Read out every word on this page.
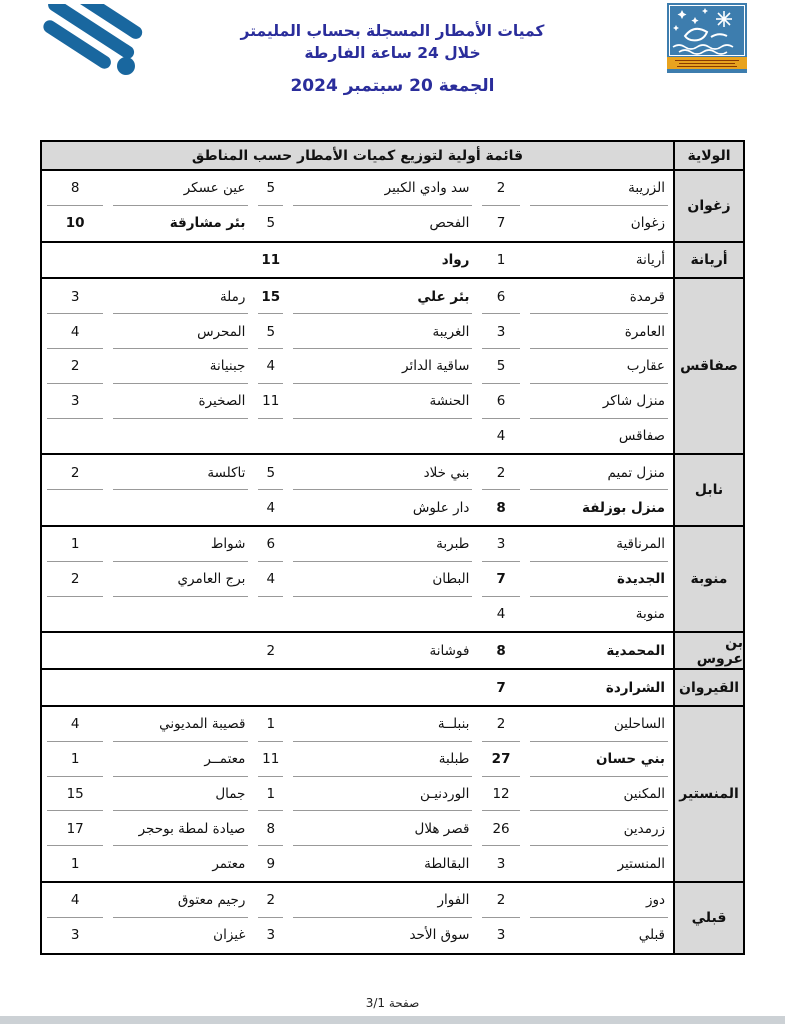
كميات الأمطار المسجلة بحساب المليمتر
خلال 24 ساعة الفارطة
الجمعة 20 سبتمبر 2024
الولاية
قائمة أولية لتوزيع كميات الأمطار حسب المناطق
زغوان
الزريبة
2
سد وادي الكبير
5
عين عسكر
8
زغوان
7
الفحص
5
بئر مشارقة
10
أريانة
أريانة
1
رواد
11
صفاقس
قرمدة
6
بئر علي
15
رملة
3
العامرة
3
الغريبة
5
المحرس
4
عقارب
5
ساقية الدائر
4
جبنيانة
2
منزل شاكر
6
الحنشة
11
الصخيرة
3
صفاقس
4
نابل
منزل تميم
2
بني خلاد
5
تاكلسة
2
منزل بوزلفة
8
دار علوش
4
منوبة
المرناقية
3
طبربة
6
شواط
1
الجديدة
7
البطان
4
برج العامري
2
منوبة
4
بن عروس
المحمدية
8
فوشانة
2
القيروان
الشراردة
7
المنستير
الساحلين
2
بنبلــة
1
قصيبة المديوني
4
بني حسان
27
طبلبة
11
معتمــر
1
المكنين
12
الوردنيـن
1
جمال
15
زرمدين
26
قصر هلال
8
صيادة لمطة بوحجر
17
المنستير
3
البقالطة
9
معتمر
1
قبلي
دوز
2
الفوار
2
رجيم معتوق
4
قبلي
3
سوق الأحد
3
غيزان
3
صفحة 3/1
